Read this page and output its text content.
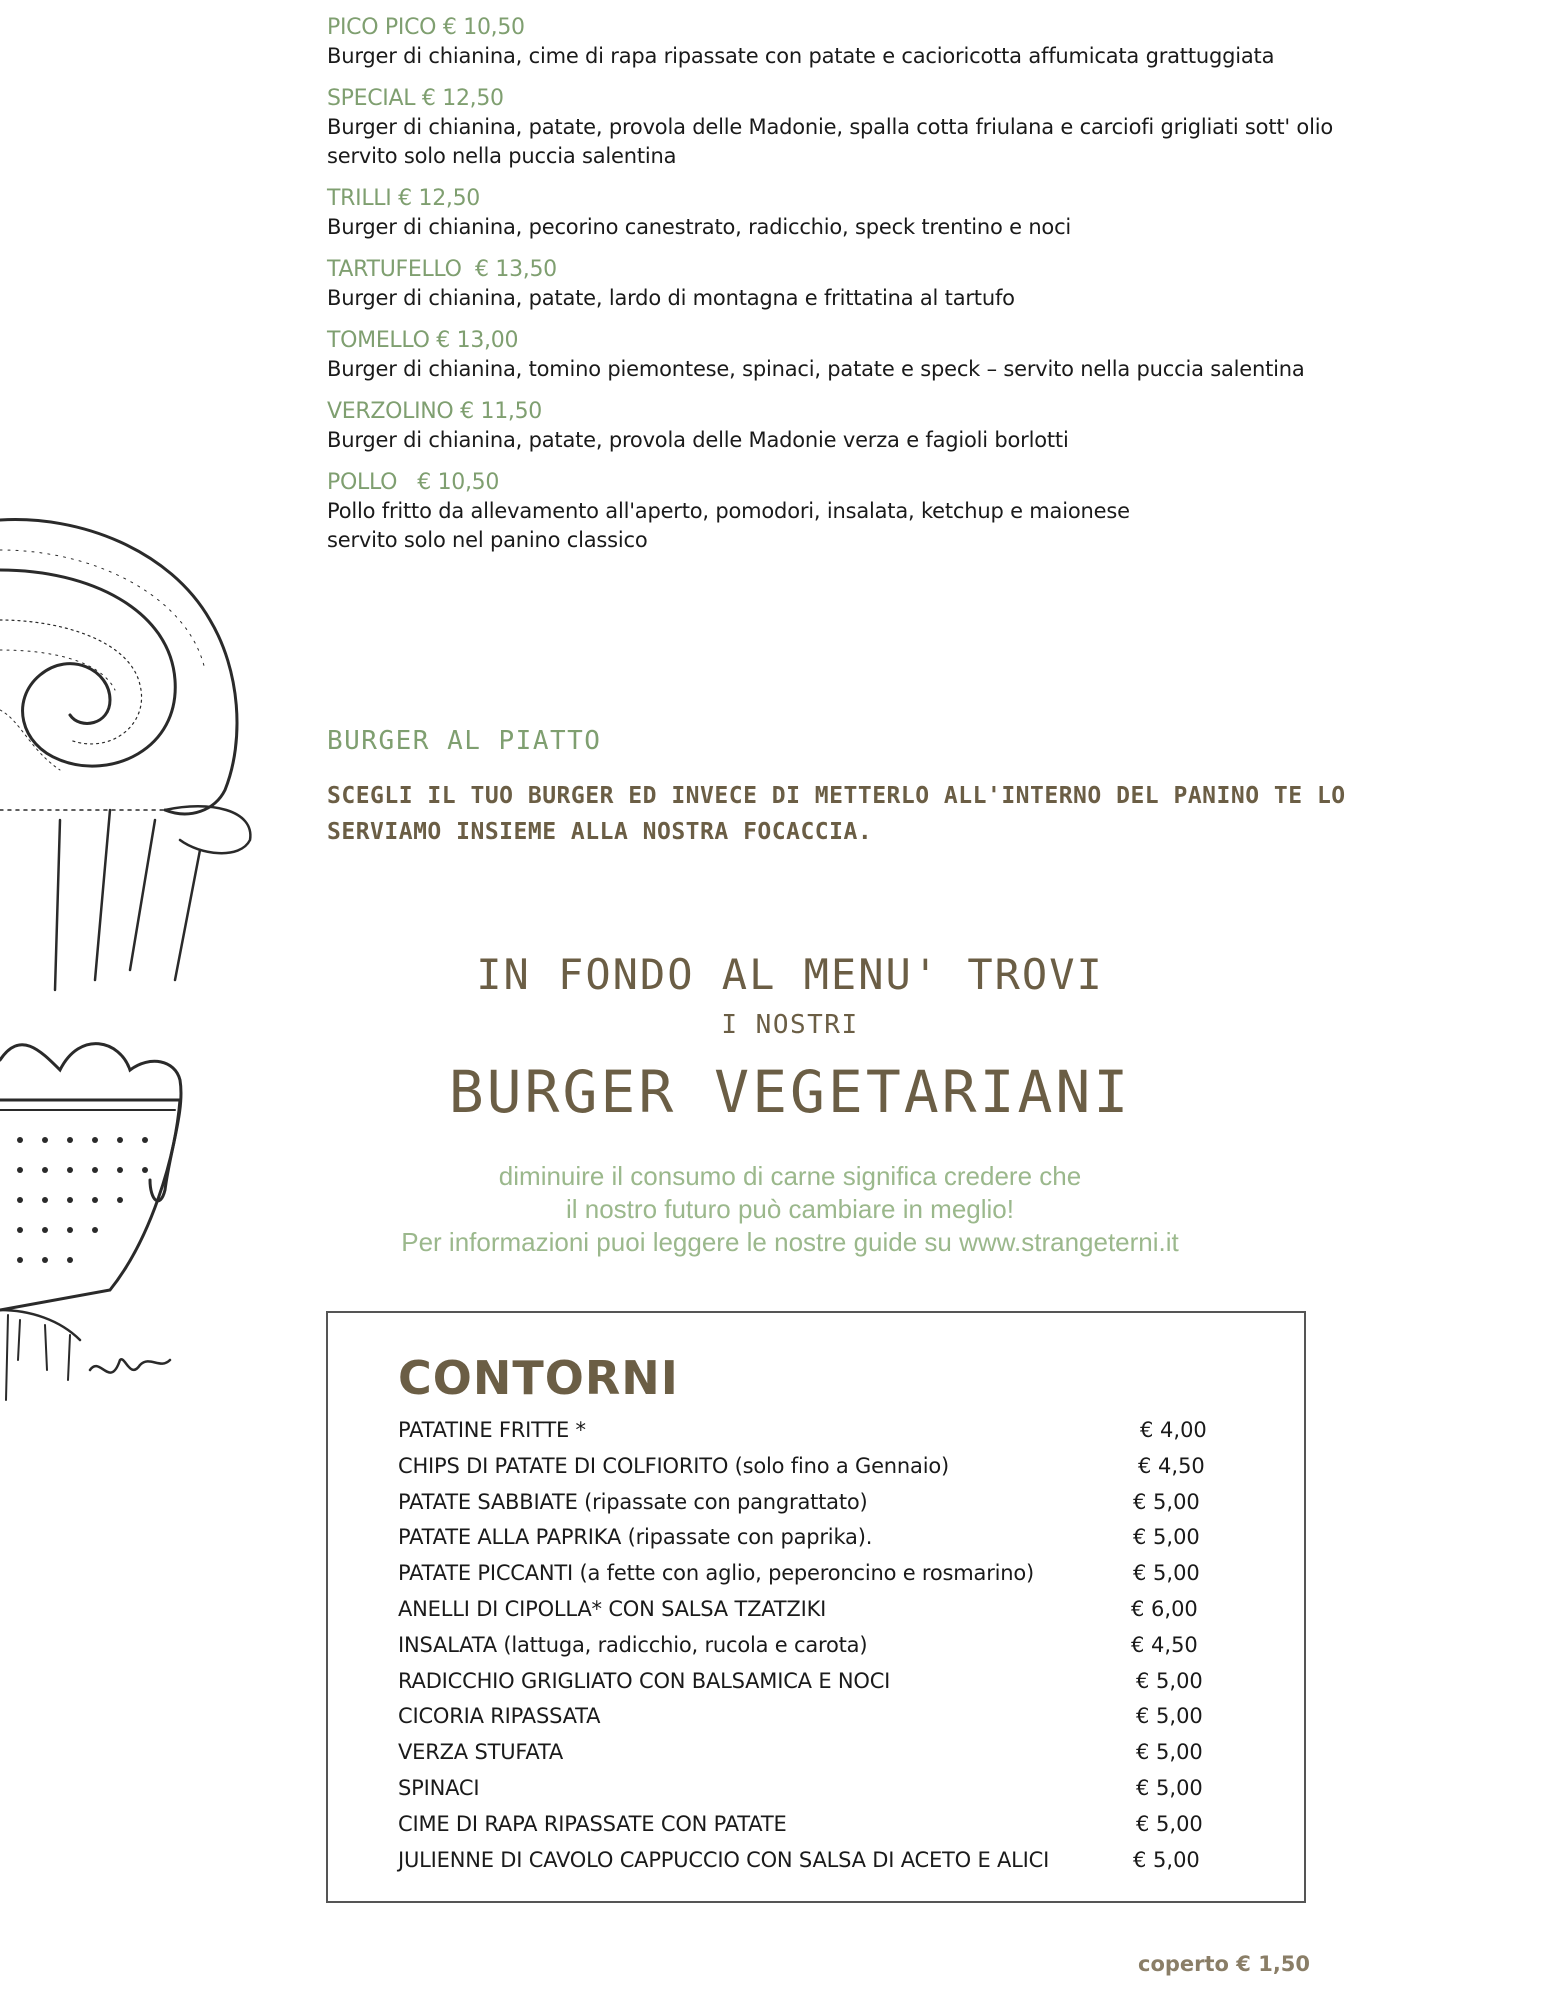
PICO PICO € 10,50
Burger di chianina, cime di rapa ripassate con patate e cacioricotta affumicata grattuggiata
SPECIAL € 12,50
Burger di chianina, patate, provola delle Madonie, spalla cotta friulana e carciofi grigliati sott' olio
servito solo nella puccia salentina
TRILLI € 12,50
Burger di chianina, pecorino canestrato, radicchio, speck trentino e noci
TARTUFELLO  € 13,50
Burger di chianina, patate, lardo di montagna e frittatina al tartufo
TOMELLO € 13,00
Burger di chianina, tomino piemontese, spinaci, patate e speck – servito nella puccia salentina
VERZOLINO € 11,50
Burger di chianina, patate, provola delle Madonie verza e fagioli borlotti
POLLO   € 10,50
Pollo fritto da allevamento all'aperto, pomodori, insalata, ketchup e maionese
servito solo nel panino classico
BURGER AL PIATTO
SCEGLI IL TUO BURGER ED INVECE DI METTERLO ALL'INTERNO DEL PANINO TE LO SERVIAMO INSIEME ALLA NOSTRA FOCACCIA.
IN FONDO AL MENU' TROVI
I NOSTRI
BURGER VEGETARIANI
diminuire il consumo di carne significa credere che
il nostro futuro può cambiare in meglio!
Per informazioni puoi leggere le nostre guide su www.strangeterni.it
CONTORNI
PATATINE FRITTE *	€ 4,00
CHIPS DI PATATE DI COLFIORITO (solo fino a Gennaio)	€ 4,50
PATATE SABBIATE (ripassate con pangrattato)	€ 5,00
PATATE ALLA PAPRIKA (ripassate con paprika).	€ 5,00
PATATE PICCANTI (a fette con aglio, peperoncino e rosmarino)	€ 5,00
ANELLI DI CIPOLLA* CON SALSA TZATZIKI	€ 6,00
INSALATA (lattuga, radicchio, rucola e carota)	€ 4,50
RADICCHIO GRIGLIATO CON BALSAMICA E NOCI	€ 5,00
CICORIA RIPASSATA	€ 5,00
VERZA STUFATA	€ 5,00
SPINACI	€ 5,00
CIME DI RAPA RIPASSATE CON PATATE	€ 5,00
JULIENNE DI CAVOLO CAPPUCCIO CON SALSA DI ACETO E ALICI	€ 5,00
coperto € 1,50
